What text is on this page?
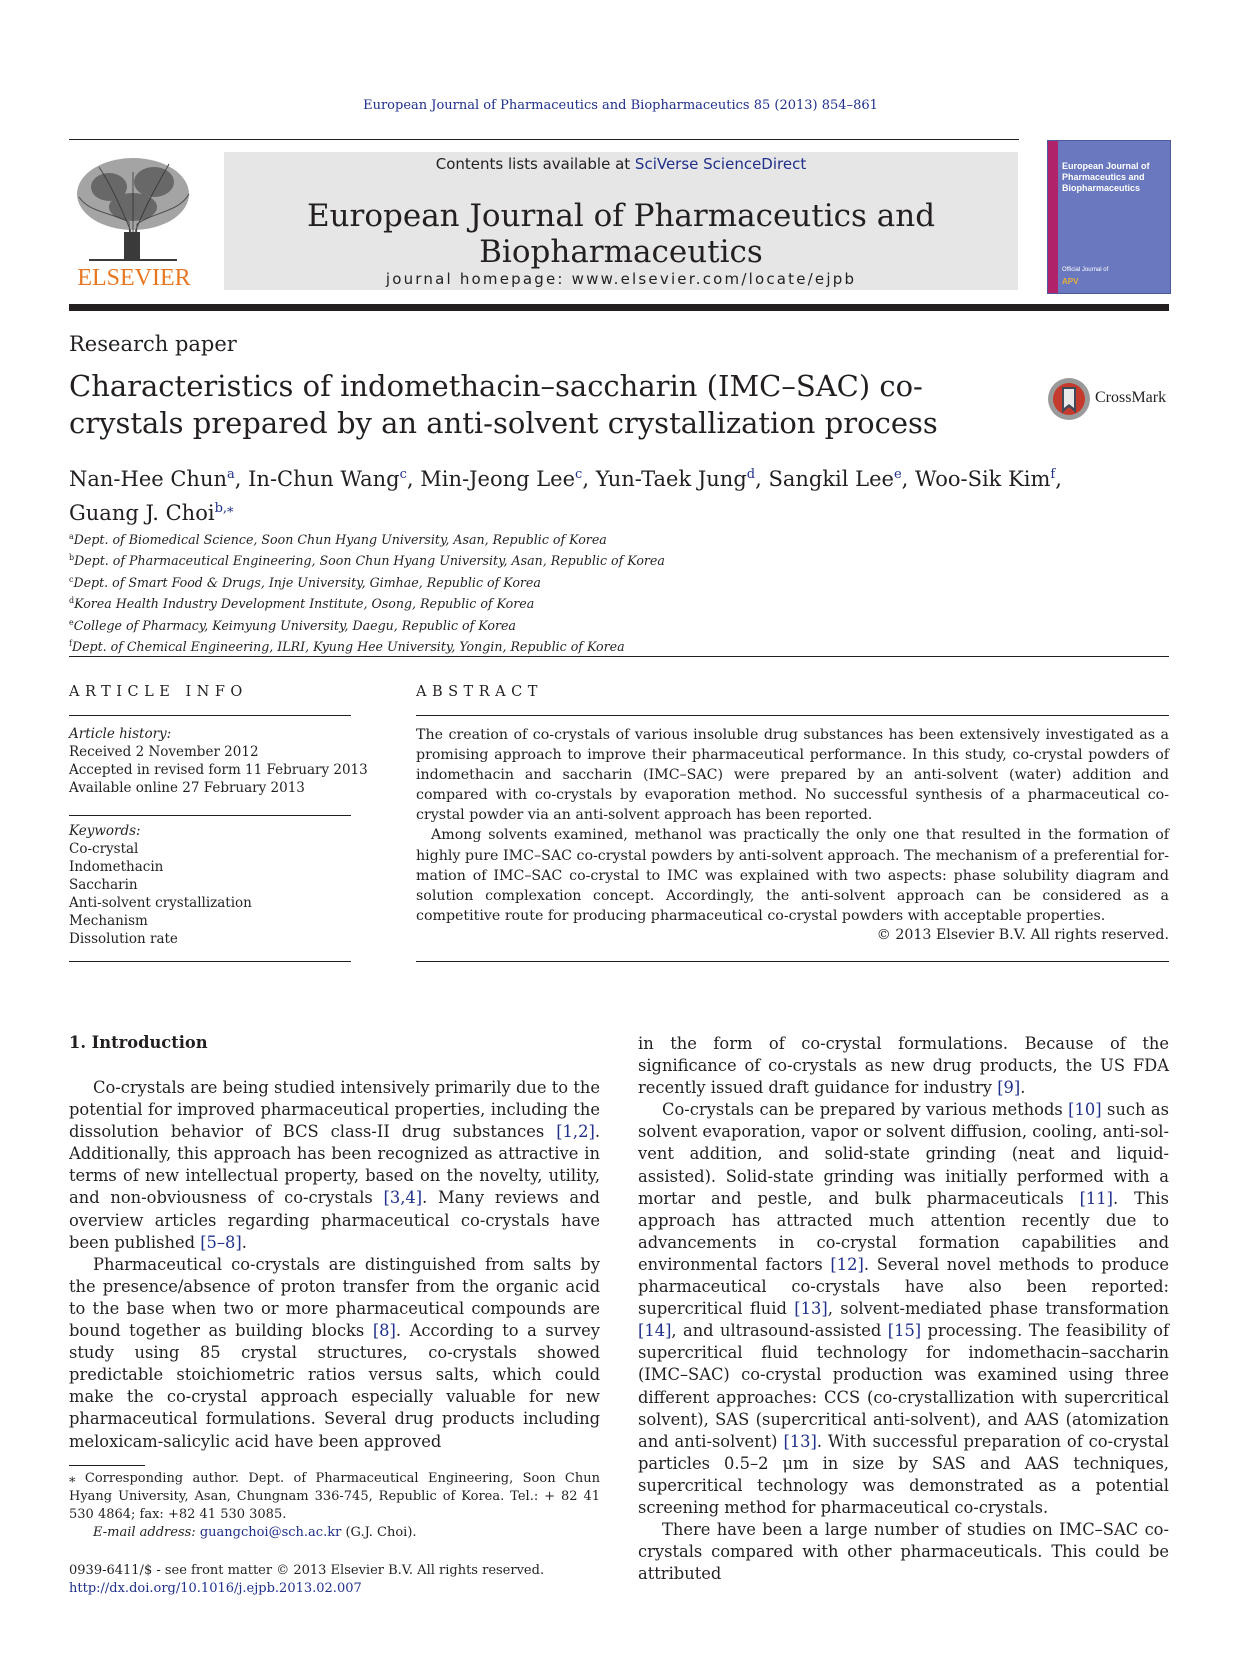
European Journal of Pharmaceutics and Biopharmaceutics 85 (2013) 854–861
ELSEVIER
Contents lists available at SciVerse ScienceDirect
European Journal of Pharmaceutics and Biopharmaceutics
journal homepage: www.elsevier.com/locate/ejpb
European Journal of Pharmaceutics and Biopharmaceutics
Official Journal of
APV
Research paper
Characteristics of indomethacin–saccharin (IMC–SAC) co-crystals prepared by an anti-solvent crystallization process
CrossMark
Nan-Hee Chun$^a$, In-Chun Wang$^c$, Min-Jeong Lee$^c$, Yun-Taek Jung$^d$, Sangkil Lee$^e$, Woo-Sik Kim$^f$,
Guang J. Choi$^{b,⁎}$
$^a$Dept. of Biomedical Science, Soon Chun Hyang University, Asan, Republic of Korea
$^b$Dept. of Pharmaceutical Engineering, Soon Chun Hyang University, Asan, Republic of Korea
$^c$Dept. of Smart Food & Drugs, Inje University, Gimhae, Republic of Korea
$^d$Korea Health Industry Development Institute, Osong, Republic of Korea
$^e$College of Pharmacy, Keimyung University, Daegu, Republic of Korea
$^f$Dept. of Chemical Engineering, ILRI, Kyung Hee University, Yongin, Republic of Korea
ARTICLE INFO
Article history:
Received 2 November 2012
Accepted in revised form 11 February 2013
Available online 27 February 2013
Keywords:
Co-crystal
Indomethacin
Saccharin
Anti-solvent crystallization
Mechanism
Dissolution rate
ABSTRACT

The creation of co-crystals of various insoluble drug substances has been extensively investigated as a promising approach to improve their pharmaceutical performance. In this study, co-crystal powders of indomethacin and saccharin (IMC–SAC) were prepared by an anti-solvent (water) addition and compared with co-crystals by evaporation method. No successful synthesis of a pharmaceutical co-crystal powder via an anti-solvent approach has been reported.

Among solvents examined, methanol was practically the only one that resulted in the formation of highly pure IMC–SAC co-crystal powders by anti-solvent approach. The mechanism of a preferential formation of IMC–SAC co-crystal to IMC was explained with two aspects: phase solubility diagram and solution complexation concept. Accordingly, the anti-solvent approach can be considered as a competitive route for producing pharmaceutical co-crystal powders with acceptable properties.

© 2013 Elsevier B.V. All rights reserved.
1. Introduction

Co-crystals are being studied intensively primarily due to the potential for improved pharmaceutical properties, including the dissolution behavior of BCS class-II drug substances [1,2]. Additionally, this approach has been recognized as attractive in terms of new intellectual property, based on the novelty, utility, and non-obviousness of co-crystals [3,4]. Many reviews and overview articles regarding pharmaceutical co-crystals have been published [5–8].

Pharmaceutical co-crystals are distinguished from salts by the presence/absence of proton transfer from the organic acid to the base when two or more pharmaceutical compounds are bound together as building blocks [8]. According to a survey study using 85 crystal structures, co-crystals showed predictable stoichiometric ratios versus salts, which could make the co-crystal approach especially valuable for new pharmaceutical formulations. Several drug products including meloxicam-salicylic acid have been approved

in the form of co-crystal formulations. Because of the significance of co-crystals as new drug products, the US FDA recently issued draft guidance for industry [9].

Co-crystals can be prepared by various methods [10] such as solvent evaporation, vapor or solvent diffusion, cooling, anti-solvent addition, and solid-state grinding (neat and liquid-assisted). Solid-state grinding was initially performed with a mortar and pestle, and bulk pharmaceuticals [11]. This approach has attracted much attention recently due to advancements in co-crystal formation capabilities and environmental factors [12]. Several novel methods to produce pharmaceutical co-crystals have also been reported: supercritical fluid [13], solvent-mediated phase transformation [14], and ultrasound-assisted [15] processing. The feasibility of supercritical fluid technology for indomethacin–saccharin (IMC–SAC) co-crystal production was examined using three different approaches: CCS (co-crystallization with supercritical solvent), SAS (supercritical anti-solvent), and AAS (atomization and anti-solvent) [13]. With successful preparation of co-crystal particles 0.5–2 μm in size by SAS and AAS techniques, supercritical technology was demonstrated as a potential screening method for pharmaceutical co-crystals.

There have been a large number of studies on IMC–SAC co-crystals compared with other pharmaceuticals. This could be attributed

⁎ Corresponding author. Dept. of Pharmaceutical Engineering, Soon Chun Hyang University, Asan, Chungnam 336-745, Republic of Korea. Tel.: + 82 41 530 4864; fax: +82 41 530 3085.

E-mail address: guangchoi@sch.ac.kr (G.J. Choi).

0939-6411/$ - see front matter © 2013 Elsevier B.V. All rights reserved.
http://dx.doi.org/10.1016/j.ejpb.2013.02.007
